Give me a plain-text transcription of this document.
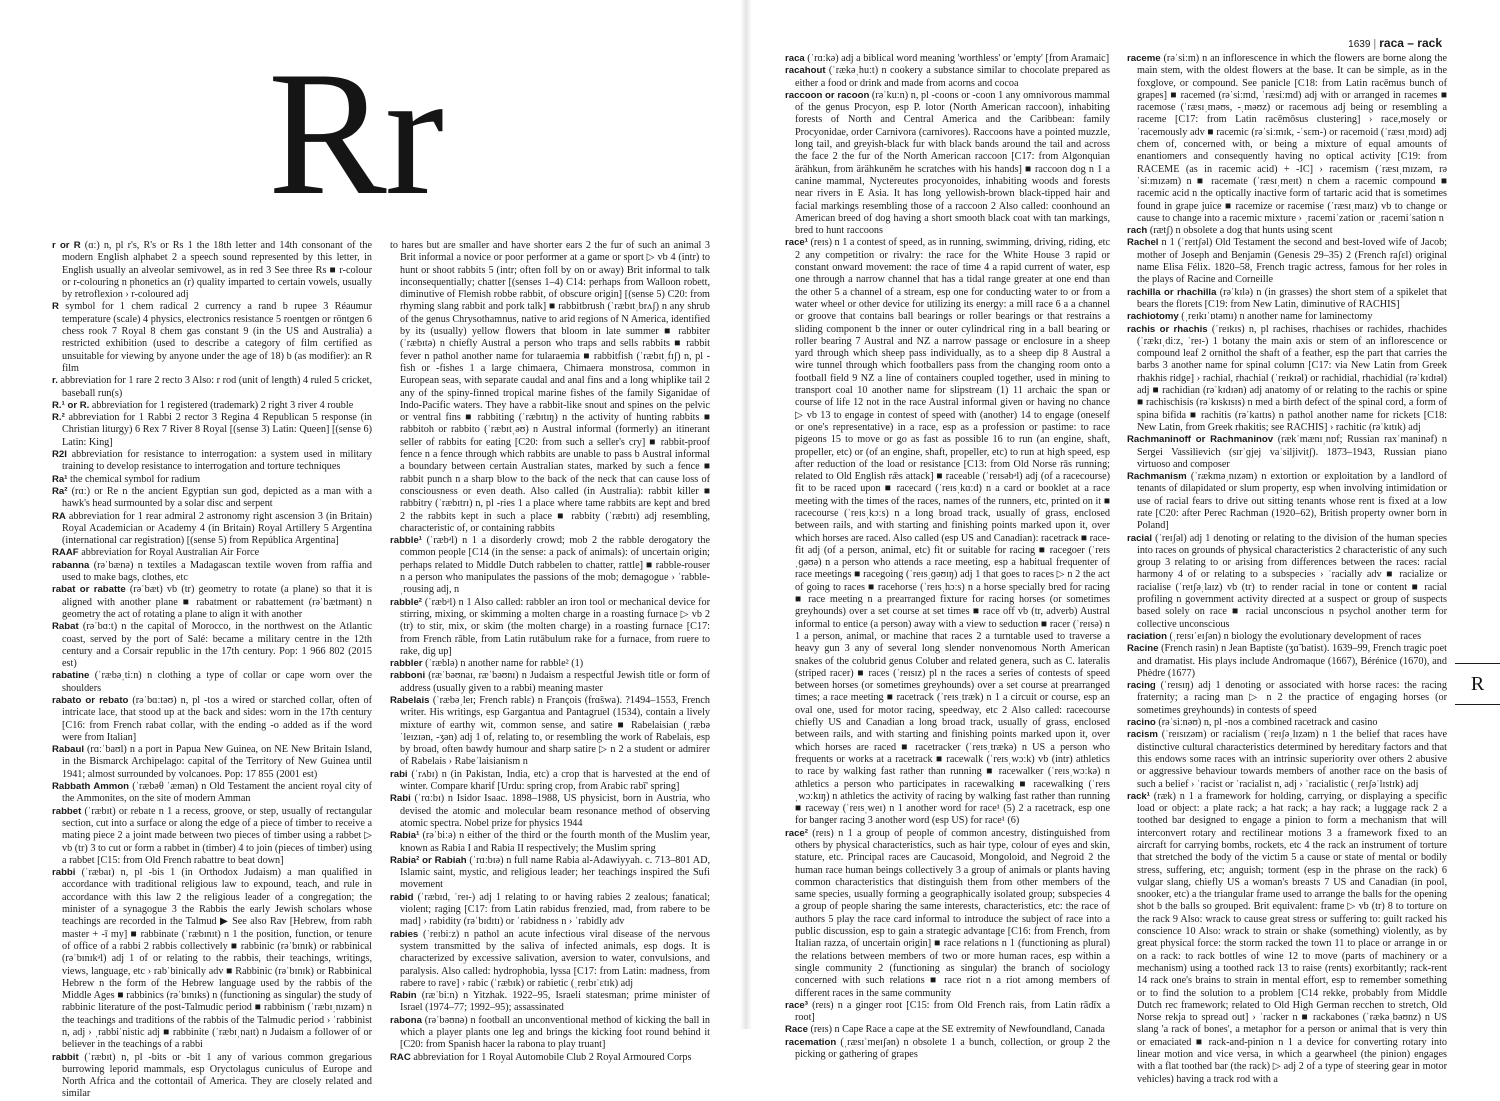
Rr	1639 | raca – rack

r or R (ɑː) n, pl r's, R's or Rs 1 the 18th letter and 14th consonant of the modern English alphabet 2 a speech sound represented by this letter, in English usually an alveolar semivowel, as in red 3 See three Rs ■ r-colour or r-colouring n phonetics an (r) quality imparted to certain vowels, usually by retroflexion › r-coloured adj

R symbol for 1 chem radical 2 currency a rand b rupee 3 Réaumur temperature (scale) 4 physics, electronics resistance 5 roentgen or röntgen 6 chess rook 7 Royal 8 chem gas constant 9 (in the US and Australia) a restricted exhibition (used to describe a category of film certified as unsuitable for viewing by anyone under the age of 18) b (as modifier): an R film

r. abbreviation for 1 rare 2 recto 3 Also: r rod (unit of length) 4 ruled 5 cricket, baseball run(s)

R.¹ or R. abbreviation for 1 registered (trademark) 2 right 3 river 4 rouble

R.² abbreviation for 1 Rabbi 2 rector 3 Regina 4 Republican 5 response (in Christian liturgy) 6 Rex 7 River 8 Royal [(sense 3) Latin: Queen] [(sense 6) Latin: King]

R2I abbreviation for resistance to interrogation: a system used in military training to develop resistance to interrogation and torture techniques

Ra¹ the chemical symbol for radium

Ra² (rɑː) or Re n the ancient Egyptian sun god, depicted as a man with a hawk's head surmounted by a solar disc and serpent

RA abbreviation for 1 rear admiral 2 astronomy right ascension 3 (in Britain) Royal Academician or Academy 4 (in Britain) Royal Artillery 5 Argentina (international car registration) [(sense 5) from República Argentina]

RAAF abbreviation for Royal Australian Air Force

rabanna (rəˈbænə) n textiles a Madagascan textile woven from raffia and used to make bags, clothes, etc

rabat or rabatte (rəˈbæt) vb (tr) geometry to rotate (a plane) so that it is aligned with another plane ■ rabatment or rabattement (rəˈbætmənt) n geometry the act of rotating a plane to align it with another

Rabat (rəˈbɑːt) n the capital of Morocco, in the northwest on the Atlantic coast, served by the port of Salé: became a military centre in the 12th century and a Corsair republic in the 17th century. Pop: 1 966 802 (2015 est)

rabatine (ˈræbəˌtiːn) n clothing a type of collar or cape worn over the shoulders

rabato or rebato (rəˈbɑːtəʊ) n, pl -tos a wired or starched collar, often of intricate lace, that stood up at the back and sides: worn in the 17th century [C16: from French rabat collar, with the ending -o added as if the word were from Italian]

Rabaul (rɑːˈbaʊl) n a port in Papua New Guinea, on NE New Britain Island, in the Bismarck Archipelago: capital of the Territory of New Guinea until 1941; almost surrounded by volcanoes. Pop: 17 855 (2001 est)

Rabbath Ammon (ˈræbəθ ˈæmən) n Old Testament the ancient royal city of the Ammonites, on the site of modern Amman

rabbet (ˈræbɪt) or rebate n 1 a recess, groove, or step, usually of rectangular section, cut into a surface or along the edge of a piece of timber to receive a mating piece 2 a joint made between two pieces of timber using a rabbet ▷ vb (tr) 3 to cut or form a rabbet in (timber) 4 to join (pieces of timber) using a rabbet [C15: from Old French rabattre to beat down]

rabbi (ˈræbaɪ) n, pl -bis 1 (in Orthodox Judaism) a man qualified in accordance with traditional religious law to expound, teach, and rule in accordance with this law 2 the religious leader of a congregation; the minister of a synagogue 3 the Rabbis the early Jewish scholars whose teachings are recorded in the Talmud ▶ See also Rav [Hebrew, from rabh master + -ī my] ■ rabbinate (ˈræbɪnɪt) n 1 the position, function, or tenure of office of a rabbi 2 rabbis collectively ■ rabbinic (rəˈbɪnɪk) or rabbinical (rəˈbɪnɪkᵊl) adj 1 of or relating to the rabbis, their teachings, writings, views, language, etc › rabˈbinically adv ■ Rabbinic (rəˈbɪnɪk) or Rabbinical Hebrew n the form of the Hebrew language used by the rabbis of the Middle Ages ■ rabbinics (rəˈbɪnɪks) n (functioning as singular) the study of rabbinic literature of the post-Talmudic period ■ rabbinism (ˈræbɪˌnɪzəm) n the teachings and traditions of the rabbis of the Talmudic period › ˈrabbinist n, adj › ˌrabbiˈnistic adj ■ rabbinite (ˈræbɪˌnaɪt) n Judaism a follower of or believer in the teachings of a rabbi

rabbit (ˈræbɪt) n, pl -bits or -bit 1 any of various common gregarious burrowing leporid mammals, esp Oryctolagus cuniculus of Europe and North Africa and the cottontail of America. They are closely related and similar

to hares but are smaller and have shorter ears 2 the fur of such an animal 3 Brit informal a novice or poor performer at a game or sport ▷ vb 4 (intr) to hunt or shoot rabbits 5 (intr; often foll by on or away) Brit informal to talk inconsequentially; chatter [(senses 1–4) C14: perhaps from Walloon robett, diminutive of Flemish robbe rabbit, of obscure origin] [(sense 5) C20: from rhyming slang rabbit and pork talk] ■ rabbitbrush (ˈræbɪtˌbrʌʃ) n any shrub of the genus Chrysothamnus, native to arid regions of N America, identified by its (usually) yellow flowers that bloom in late summer ■ rabbiter (ˈræbɪtə) n chiefly Austral a person who traps and sells rabbits ■ rabbit fever n pathol another name for tularaemia ■ rabbitfish (ˈræbɪtˌfɪʃ) n, pl -fish or -fishes 1 a large chimaera, Chimaera monstrosa, common in European seas, with separate caudal and anal fins and a long whiplike tail 2 any of the spiny-finned tropical marine fishes of the family Siganidae of Indo-Pacific waters. They have a rabbit-like snout and spines on the pelvic or ventral fins ■ rabbiting (ˈræbɪtɪŋ) n the activity of hunting rabbits ■ rabbitoh or rabbito (ˈræbɪtˌəʊ) n Austral informal (formerly) an itinerant seller of rabbits for eating [C20: from such a seller's cry] ■ rabbit-proof fence n a fence through which rabbits are unable to pass b Austral informal a boundary between certain Australian states, marked by such a fence ■ rabbit punch n a sharp blow to the back of the neck that can cause loss of consciousness or even death. Also called (in Australia): rabbit killer ■ rabbitry (ˈræbɪtrɪ) n, pl -ries 1 a place where tame rabbits are kept and bred 2 the rabbits kept in such a place ■ rabbity (ˈræbɪtɪ) adj resembling, characteristic of, or containing rabbits

rabble¹ (ˈræbᵊl) n 1 a disorderly crowd; mob 2 the rabble derogatory the common people [C14 (in the sense: a pack of animals): of uncertain origin; perhaps related to Middle Dutch rabbelen to chatter, rattle] ■ rabble-rouser n a person who manipulates the passions of the mob; demagogue › ˈrabble-ˌrousing adj, n

rabble² (ˈræbᵊl) n 1 Also called: rabbler an iron tool or mechanical device for stirring, mixing, or skimming a molten charge in a roasting furnace ▷ vb 2 (tr) to stir, mix, or skim (the molten charge) in a roasting furnace [C17: from French râble, from Latin rutābulum rake for a furnace, from ruere to rake, dig up]

rabbler (ˈræblə) n another name for rabble² (1)

rabboni (ræˈbəʊnaɪ, ræˈbəʊnɪ) n Judaism a respectful Jewish title or form of address (usually given to a rabbi) meaning master

Rabelais (ˈræbəˌleɪ; French rablɛ) n François (frɑ̃swa). ?1494–1553, French writer. His writings, esp Gargantua and Pantagruel (1534), contain a lively mixture of earthy wit, common sense, and satire ■ Rabelaisian (ˌræbəˈleɪzɪən, -ʒən) adj 1 of, relating to, or resembling the work of Rabelais, esp by broad, often bawdy humour and sharp satire ▷ n 2 a student or admirer of Rabelais › Rabeˈlaisianism n

rabi (ˈrʌbɪ) n (in Pakistan, India, etc) a crop that is harvested at the end of winter. Compare kharif [Urdu: spring crop, from Arabic rabī' spring]

Rabi (ˈrɑːbɪ) n Isidor Isaac. 1898–1988, US physicist, born in Austria, who devised the atomic and molecular beam resonance method of observing atomic spectra. Nobel prize for physics 1944

Rabia¹ (rəˈbiːə) n either of the third or the fourth month of the Muslim year, known as Rabia I and Rabia II respectively; the Muslim spring

Rabia² or Rabiah (ˈrɑːbɪə) n full name Rabia al-Adawiyyah. c. 713–801 AD, Islamic saint, mystic, and religious leader; her teachings inspired the Sufi movement

rabid (ˈræbɪd, ˈreɪ-) adj 1 relating to or having rabies 2 zealous; fanatical; violent; raging [C17: from Latin rabidus frenzied, mad, from rabere to be mad] › rabidity (rəˈbɪdɪtɪ) or ˈrabidness n › ˈrabidly adv

rabies (ˈreɪbiːz) n pathol an acute infectious viral disease of the nervous system transmitted by the saliva of infected animals, esp dogs. It is characterized by excessive salivation, aversion to water, convulsions, and paralysis. Also called: hydrophobia, lyssa [C17: from Latin: madness, from rabere to rave] › rabic (ˈræbɪk) or rabietic (ˌreɪbɪˈɛtɪk) adj

Rabin (ræˈbiːn) n Yitzhak. 1922–95, Israeli statesman; prime minister of Israel (1974–77; 1992–95); assassinated

rabona (rəˈbəʊnə) n football an unconventional method of kicking the ball in which a player plants one leg and brings the kicking foot round behind it [C20: from Spanish hacer la rabona to play truant]

RAC abbreviation for 1 Royal Automobile Club 2 Royal Armoured Corps

raca (ˈrɑːkə) adj a biblical word meaning 'worthless' or 'empty' [from Aramaic]

racahout (ˈrækəˌhuːt) n cookery a substance similar to chocolate prepared as either a food or drink and made from acorns and cocoa

raccoon or racoon (rəˈkuːn) n, pl -coons or -coon 1 any omnivorous mammal of the genus Procyon, esp P. lotor (North American raccoon), inhabiting forests of North and Central America and the Caribbean: family Procyonidae, order Carnivora (carnivores). Raccoons have a pointed muzzle, long tail, and greyish-black fur with black bands around the tail and across the face 2 the fur of the North American raccoon [C17: from Algonquian ärähkun, from ärähkuněm he scratches with his hands] ■ raccoon dog n 1 a canine mammal, Nyctereutes procyonoides, inhabiting woods and forests near rivers in E Asia. It has long yellowish-brown black-tipped hair and facial markings resembling those of a raccoon 2 Also called: coonhound an American breed of dog having a short smooth black coat with tan markings, bred to hunt raccoons

race¹ (reɪs) n 1 a contest of speed, as in running, swimming, driving, riding, etc 2 any competition or rivalry: the race for the White House 3 rapid or constant onward movement: the race of time 4 a rapid current of water, esp one through a narrow channel that has a tidal range greater at one end than the other 5 a channel of a stream, esp one for conducting water to or from a water wheel or other device for utilizing its energy: a mill race 6 a a channel or groove that contains ball bearings or roller bearings or that restrains a sliding component b the inner or outer cylindrical ring in a ball bearing or roller bearing 7 Austral and NZ a narrow passage or enclosure in a sheep yard through which sheep pass individually, as to a sheep dip 8 Austral a wire tunnel through which footballers pass from the changing room onto a football field 9 NZ a line of containers coupled together, used in mining to transport coal 10 another name for slipstream (1) 11 archaic the span or course of life 12 not in the race Austral informal given or having no chance ▷ vb 13 to engage in contest of speed with (another) 14 to engage (oneself or one's representative) in a race, esp as a profession or pastime: to race pigeons 15 to move or go as fast as possible 16 to run (an engine, shaft, propeller, etc) or (of an engine, shaft, propeller, etc) to run at high speed, esp after reduction of the load or resistance [C13: from Old Norse rās running; related to Old English rǣs attack] ■ raceable (ˈreɪsəbᵊl) adj (of a racecourse) fit to be raced upon ■ racecard (ˈreɪsˌkɑːd) n a card or booklet at a race meeting with the times of the races, names of the runners, etc, printed on it ■ racecourse (ˈreɪsˌkɔːs) n a long broad track, usually of grass, enclosed between rails, and with starting and finishing points marked upon it, over which horses are raced. Also called (esp US and Canadian): racetrack ■ race-fit adj (of a person, animal, etc) fit or suitable for racing ■ racegoer (ˈreɪsˌɡəʊə) n a person who attends a race meeting, esp a habitual frequenter of race meetings ■ racegoing (ˈreɪsˌɡəʊɪŋ) adj 1 that goes to races ▷ n 2 the act of going to races ■ racehorse (ˈreɪsˌhɔːs) n a horse specially bred for racing ■ race meeting n a prearranged fixture for racing horses (or sometimes greyhounds) over a set course at set times ■ race off vb (tr, adverb) Austral informal to entice (a person) away with a view to seduction ■ racer (ˈreɪsə) n 1 a person, animal, or machine that races 2 a turntable used to traverse a heavy gun 3 any of several long slender nonvenomous North American snakes of the colubrid genus Coluber and related genera, such as C. lateralis (striped racer) ■ races (ˈreɪsɪz) pl n the races a series of contests of speed between horses (or sometimes greyhounds) over a set course at prearranged times; a race meeting ■ racetrack (ˈreɪsˌtræk) n 1 a circuit or course, esp an oval one, used for motor racing, speedway, etc 2 Also called: racecourse chiefly US and Canadian a long broad track, usually of grass, enclosed between rails, and with starting and finishing points marked upon it, over which horses are raced ■ racetracker (ˈreɪsˌtrækə) n US a person who frequents or works at a racetrack ■ racewalk (ˈreɪsˌwɔːk) vb (intr) athletics to race by walking fast rather than running ■ racewalker (ˈreɪsˌwɔːkə) n athletics a person who participates in racewalking ■ racewalking (ˈreɪsˌwɔːkɪŋ) n athletics the activity of racing by walking fast rather than running ■ raceway (ˈreɪsˌweɪ) n 1 another word for race¹ (5) 2 a racetrack, esp one for banger racing 3 another word (esp US) for race¹ (6)

race² (reɪs) n 1 a group of people of common ancestry, distinguished from others by physical characteristics, such as hair type, colour of eyes and skin, stature, etc. Principal races are Caucasoid, Mongoloid, and Negroid 2 the human race human beings collectively 3 a group of animals or plants having common characteristics that distinguish them from other members of the same species, usually forming a geographically isolated group; subspecies 4 a group of people sharing the same interests, characteristics, etc: the race of authors 5 play the race card informal to introduce the subject of race into a public discussion, esp to gain a strategic advantage [C16: from French, from Italian razza, of uncertain origin] ■ race relations n 1 (functioning as plural) the relations between members of two or more human races, esp within a single community 2 (functioning as singular) the branch of sociology concerned with such relations ■ race riot n a riot among members of different races in the same community

race³ (reɪs) n a ginger root [C15: from Old French rais, from Latin rādīx a root]

Race (reɪs) n Cape Race a cape at the SE extremity of Newfoundland, Canada

racemation (ˌræsɪˈmeɪʃən) n obsolete 1 a bunch, collection, or group 2 the picking or gathering of grapes

raceme (rəˈsiːm) n an inflorescence in which the flowers are borne along the main stem, with the oldest flowers at the base. It can be simple, as in the foxglove, or compound. See panicle [C18: from Latin racēmus bunch of grapes] ■ racemed (rəˈsiːmd, ˈræsiːmd) adj with or arranged in racemes ■ racemose (ˈræsɪˌməʊs, -ˌməʊz) or racemous adj being or resembling a raceme [C17: from Latin racēmōsus clustering] › race,mosely or ˈracemously adv ■ racemic (rəˈsiːmɪk, -ˈsɛm-) or racemoid (ˈræsɪˌmɔɪd) adj chem of, concerned with, or being a mixture of equal amounts of enantiomers and consequently having no optical activity [C19: from RACEME (as in racemic acid) + -IC] › racemism (ˈræsɪˌmɪzəm, rəˈsiːmɪzəm) n ■ racemate (ˈræsɪˌmeɪt) n chem a racemic compound ■ racemic acid n the optically inactive form of tartaric acid that is sometimes found in grape juice ■ racemize or racemise (ˈræsɪˌmaɪz) vb to change or cause to change into a racemic mixture › ˌracemiˈzation or ˌracemiˈsation n

rach (rætʃ) n obsolete a dog that hunts using scent

Rachel n 1 (ˈreɪtʃəl) Old Testament the second and best-loved wife of Jacob; mother of Joseph and Benjamin (Genesis 29–35) 2 (French raʃɛl) original name Elisa Félix. 1820–58, French tragic actress, famous for her roles in the plays of Racine and Corneille

rachilla or rhachilla (rəˈkɪlə) n (in grasses) the short stem of a spikelet that bears the florets [C19: from New Latin, diminutive of RACHIS]

rachiotomy (ˌreɪkɪˈɒtəmɪ) n another name for laminectomy

rachis or rhachis (ˈreɪkɪs) n, pl rachises, rhachises or rachides, rhachides (ˈrækɪˌdiːz, ˈreɪ-) 1 botany the main axis or stem of an inflorescence or compound leaf 2 ornithol the shaft of a feather, esp the part that carries the barbs 3 another name for spinal column [C17: via New Latin from Greek rhakhis ridge] › rachial, rhachial (ˈreɪkɪəl) or rachidial, rhachidial (rəˈkɪdɪəl) adj ■ rachidian (rəˈkɪdɪən) adj anatomy of or relating to the rachis or spine ■ rachischisis (rəˈkɪskɪsɪs) n med a birth defect of the spinal cord, a form of spina bifida ■ rachitis (rəˈkaɪtɪs) n pathol another name for rickets [C18: New Latin, from Greek rhakitis; see RACHIS] › rachitic (rəˈkɪtɪk) adj

Rachmaninoff or Rachmaninov (rækˈmænɪˌnɒf; Russian raxˈmaninəf) n Sergei Vassilievich (sɪrˈɡjej vaˈsiljivitʃ). 1873–1943, Russian piano virtuoso and composer

Rachmanism (ˈrækməˌnɪzəm) n extortion or exploitation by a landlord of tenants of dilapidated or slum property, esp when involving intimidation or use of racial fears to drive out sitting tenants whose rent is fixed at a low rate [C20: after Perec Rachman (1920–62), British property owner born in Poland]

racial (ˈreɪʃəl) adj 1 denoting or relating to the division of the human species into races on grounds of physical characteristics 2 characteristic of any such group 3 relating to or arising from differences between the races: racial harmony 4 of or relating to a subspecies › ˈracially adv ■ racialize or racialise (ˈreɪʃəˌlaɪz) vb (tr) to render racial in tone or content ■ racial profiling n government activity directed at a suspect or group of suspects based solely on race ■ racial unconscious n psychol another term for collective unconscious

raciation (ˌreɪsɪˈeɪʃən) n biology the evolutionary development of races

Racine (French rasin) n Jean Baptiste (ʒɑ̃ batist). 1639–99, French tragic poet and dramatist. His plays include Andromaque (1667), Bérénice (1670), and Phèdre (1677)

racing (ˈreɪsɪŋ) adj 1 denoting or associated with horse races: the racing fraternity; a racing man ▷ n 2 the practice of engaging horses (or sometimes greyhounds) in contests of speed

racino (rəˈsiːnəʊ) n, pl -nos a combined racetrack and casino

racism (ˈreɪsɪzəm) or racialism (ˈreɪʃəˌlɪzəm) n 1 the belief that races have distinctive cultural characteristics determined by hereditary factors and that this endows some races with an intrinsic superiority over others 2 abusive or aggressive behaviour towards members of another race on the basis of such a belief › ˈracist or ˈracialist n, adj › ˈracialistic (ˌreɪʃəˈlɪstɪk) adj

rack¹ (ræk) n 1 a framework for holding, carrying, or displaying a specific load or object: a plate rack; a hat rack; a hay rack; a luggage rack 2 a toothed bar designed to engage a pinion to form a mechanism that will interconvert rotary and rectilinear motions 3 a framework fixed to an aircraft for carrying bombs, rockets, etc 4 the rack an instrument of torture that stretched the body of the victim 5 a cause or state of mental or bodily stress, suffering, etc; anguish; torment (esp in the phrase on the rack) 6 vulgar slang, chiefly US a woman's breasts 7 US and Canadian (in pool, snooker, etc) a the triangular frame used to arrange the balls for the opening shot b the balls so grouped. Brit equivalent: frame ▷ vb (tr) 8 to torture on the rack 9 Also: wrack to cause great stress or suffering to: guilt racked his conscience 10 Also: wrack to strain or shake (something) violently, as by great physical force: the storm racked the town 11 to place or arrange in or on a rack: to rack bottles of wine 12 to move (parts of machinery or a mechanism) using a toothed rack 13 to raise (rents) exorbitantly; rack-rent 14 rack one's brains to strain in mental effort, esp to remember something or to find the solution to a problem [C14 rekke, probably from Middle Dutch rec framework; related to Old High German recchen to stretch, Old Norse rekja to spread out] › ˈracker n ■ rackabones (ˈrækəˌbəʊnz) n US slang 'a rack of bones', a metaphor for a person or animal that is very thin or emaciated ■ rack-and-pinion n 1 a device for converting rotary into linear motion and vice versa, in which a gearwheel (the pinion) engages with a flat toothed bar (the rack) ▷ adj 2 of a type of steering gear in motor vehicles) having a track rod with a

R
